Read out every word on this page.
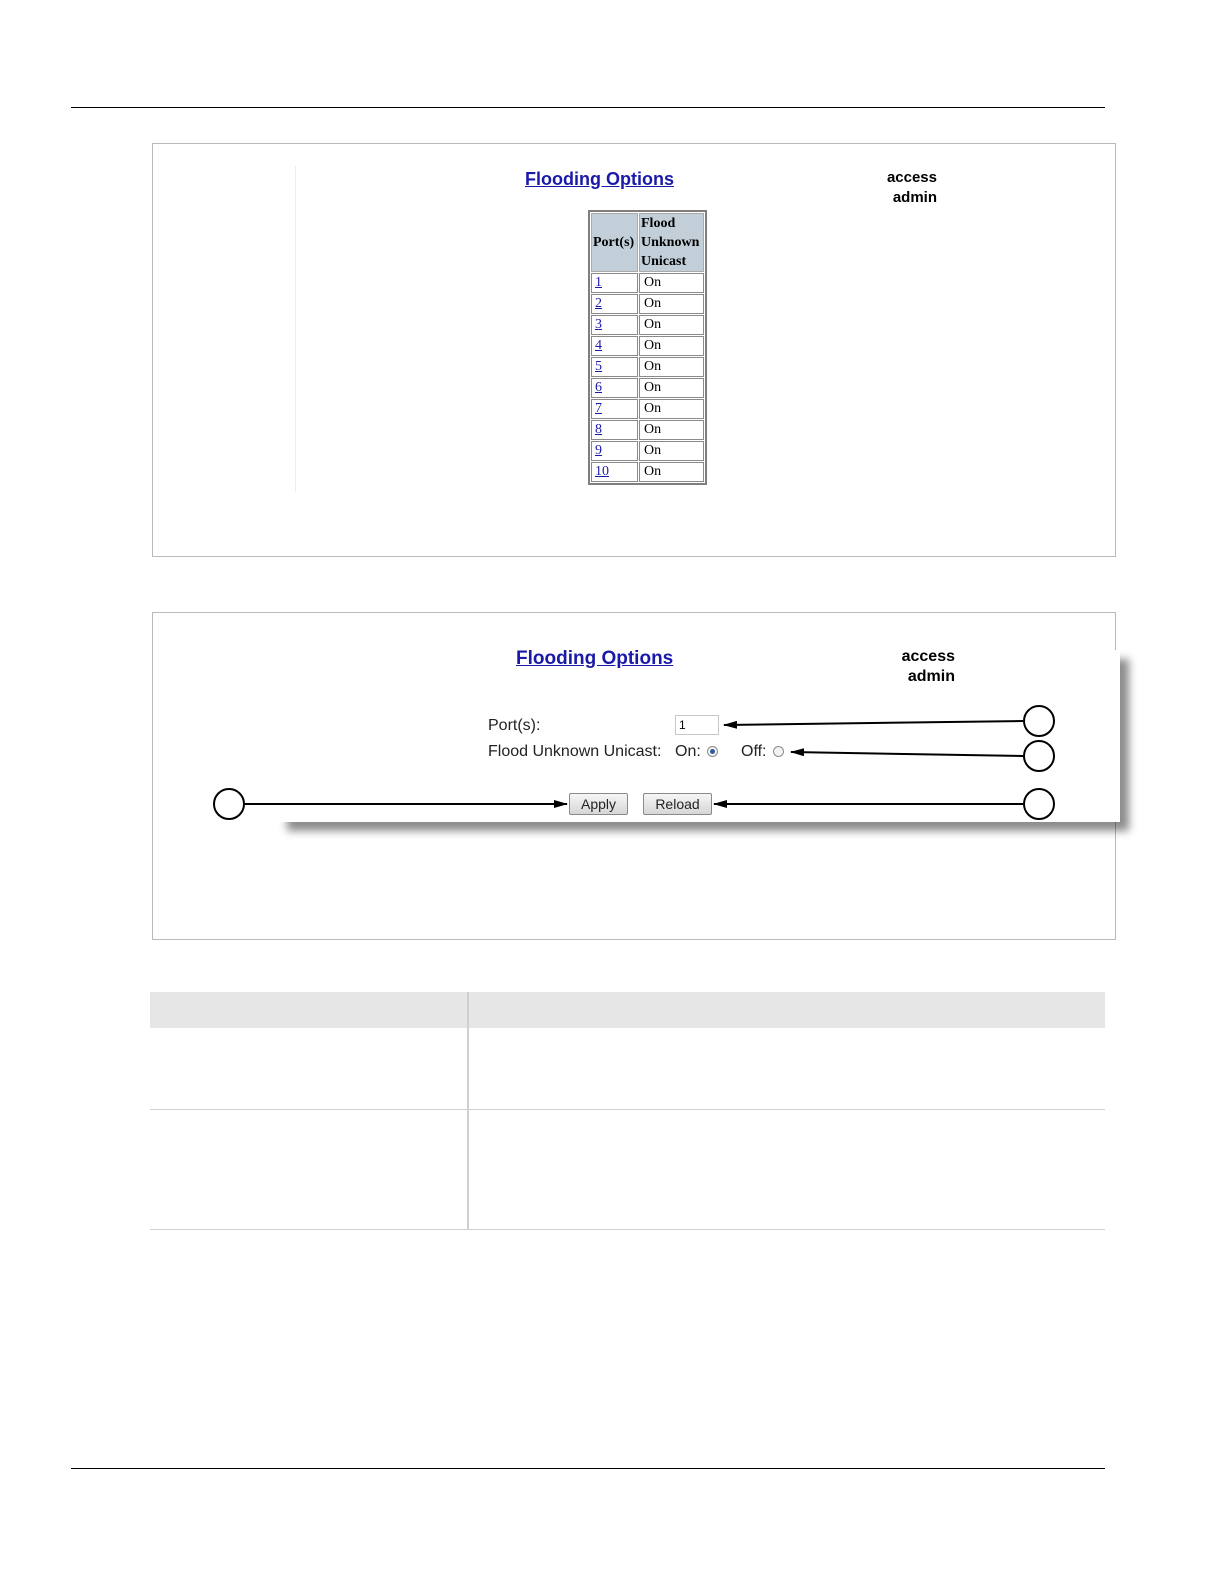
Flooding Options	access
admin
Port(s)	Flood
Unknown
Unicast
1	On
2	On
3	On
4	On
5	On
6	On
7	On
8	On
9	On
10	On
Flooding Options	access
admin
Port(s):
1
Flood Unknown Unicast: On:	Off:
Apply	Reload
